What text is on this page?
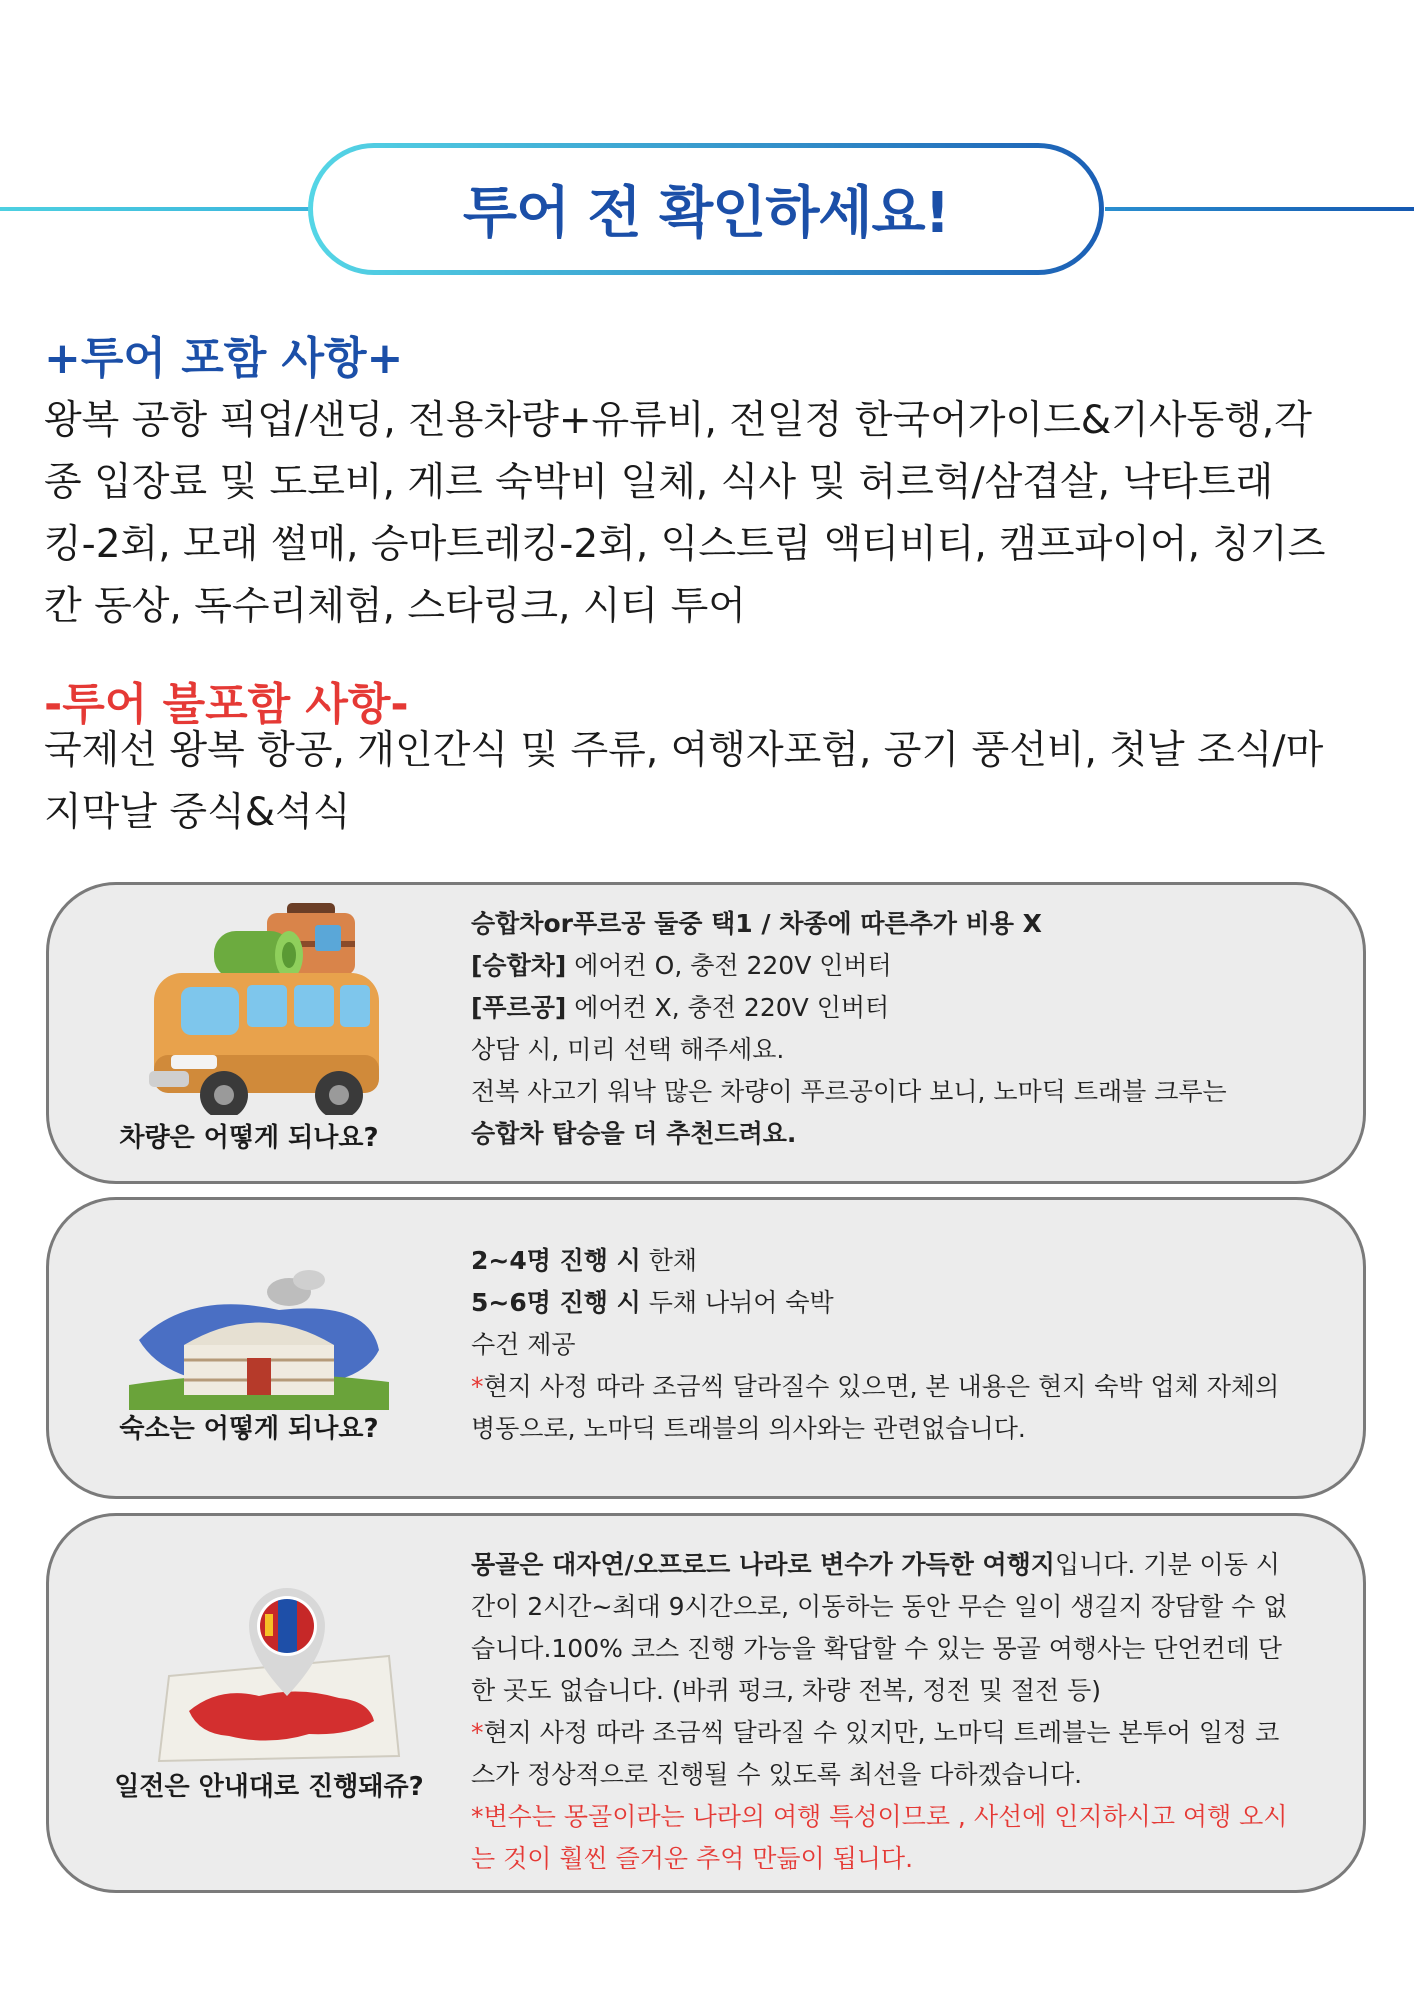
투어 전 확인하세요!
+투어 포함 사항+
왕복 공항 픽업/샌딩, 전용차량+유류비, 전일정 한국어가이드&기사동행,각
종 입장료 및 도로비, 게르 숙박비 일체, 식사 및 허르헉/삼겹살, 낙타트래
킹-2회, 모래 썰매, 승마트레킹-2회, 익스트림 액티비티, 캠프파이어, 칭기즈
칸 동상, 독수리체험, 스타링크, 시티 투어
-투어 불포함 사항-
국제선 왕복 항공, 개인간식 및 주류, 여행자포험, 공기 풍선비, 첫날 조식/마
지막날 중식&석식
차량은 어떻게 되나요?

승합차or푸르공 둘중 택1 / 차종에 따른추가 비용 X

[승합차] 에어컨 O, 충전 220V 인버터

[푸르공] 에어컨 X, 충전 220V 인버터

상담 시, 미리 선택 해주세요.

전복 사고기 워낙 많은 차량이 푸르공이다 보니, 노마딕 트래블 크루는

승합차 탑승을 더 추천드려요.

숙소는 어떻게 되나요?

2~4명 진행 시 한채

5~6명 진행 시 두채 나뉘어 숙박

수건 제공

*현지 사정 따라 조금씩 달라질수 있으면, 본 내용은 현지 숙박 업체 자체의

병동으로, 노마딕 트래블의 의사와는 관련없습니다.

일전은 안내대로 진행돼쥬?

몽골은 대자연/오프로드 나라로 변수가 가득한 여행지입니다. 기분 이동 시

간이 2시간~최대 9시간으로, 이동하는 동안 무슨 일이 생길지 장담할 수 없

습니다.100% 코스 진행 가능을 확답할 수 있는 몽골 여행사는 단언컨데 단

한 곳도 없습니다. (바퀴 펑크, 차량 전복, 정전 및 절전 등)

*현지 사정 따라 조금씩 달라질 수 있지만, 노마딕 트레블는 본투어 일정 코

스가 정상적으로 진행될 수 있도록 최선을 다하겠습니다.

*변수는 몽골이라는 나라의 여행 특성이므로 , 사선에 인지하시고 여행 오시

는 것이 훨씬 즐거운 추억 만듦이 됩니다.
